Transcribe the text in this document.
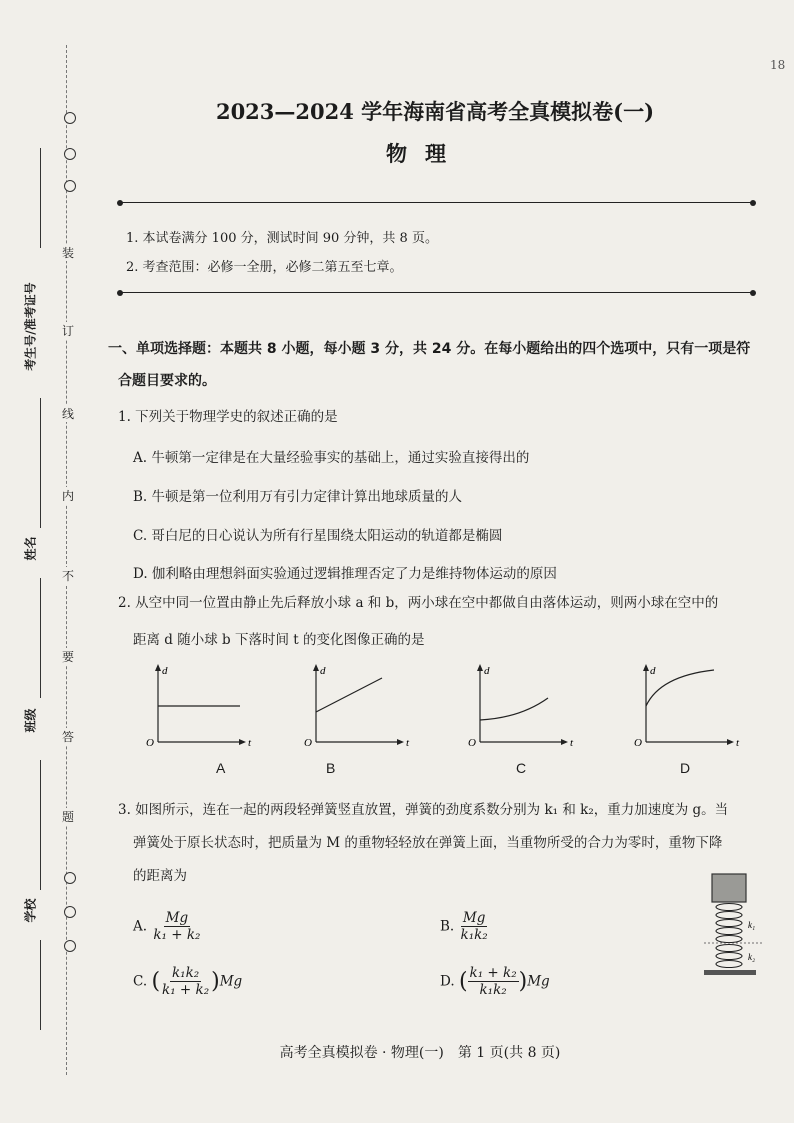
18
装
订
线
内
不
要
答
题
考生号/准考证号
姓名
班级
学校
2023—2024 学年海南省高考全真模拟卷(一)
物理
1. 本试卷满分 100 分，测试时间 90 分钟，共 8 页。
2. 考查范围：必修一全册，必修二第五至七章。
一、单项选择题：本题共 8 小题，每小题 3 分，共 24 分。在每小题给出的四个选项中，只有一项是符
合题目要求的。
1. 下列关于物理学史的叙述正确的是
A. 牛顿第一定律是在大量经验事实的基础上，通过实验直接得出的
B. 牛顿是第一位利用万有引力定律计算出地球质量的人
C. 哥白尼的日心说认为所有行星围绕太阳运动的轨道都是椭圆
D. 伽利略由理想斜面实验通过逻辑推理否定了力是维持物体运动的原因
2. 从空中同一位置由静止先后释放小球 a 和 b，两小球在空中都做自由落体运动，则两小球在空中的
距离 d 随小球 b 下落时间 t 的变化图像正确的是
d
t
O
A
d
t
O
B
d
t
O
C
d
t
O
D
3. 如图所示，连在一起的两段轻弹簧竖直放置，弹簧的劲度系数分别为 k₁ 和 k₂，重力加速度为 g。当
弹簧处于原长状态时，把质量为 M 的重物轻轻放在弹簧上面，当重物所受的合力为零时，重物下降
的距离为
A. $\frac{Mg}{\text{k₁ + k₂}}$	B. $\frac{Mg}{\text{k₁k₂}}$
C. ( $\frac{\text{k₁k₂}}{\text{k₁ + k₂}} )Mg$	D. ( $\frac{\text{k₁ + k₂}}{\text{k₁k₂}} )Mg$
k₁
k₂
高考全真模拟卷 · 物理(一)　第 1 页(共 8 页)
